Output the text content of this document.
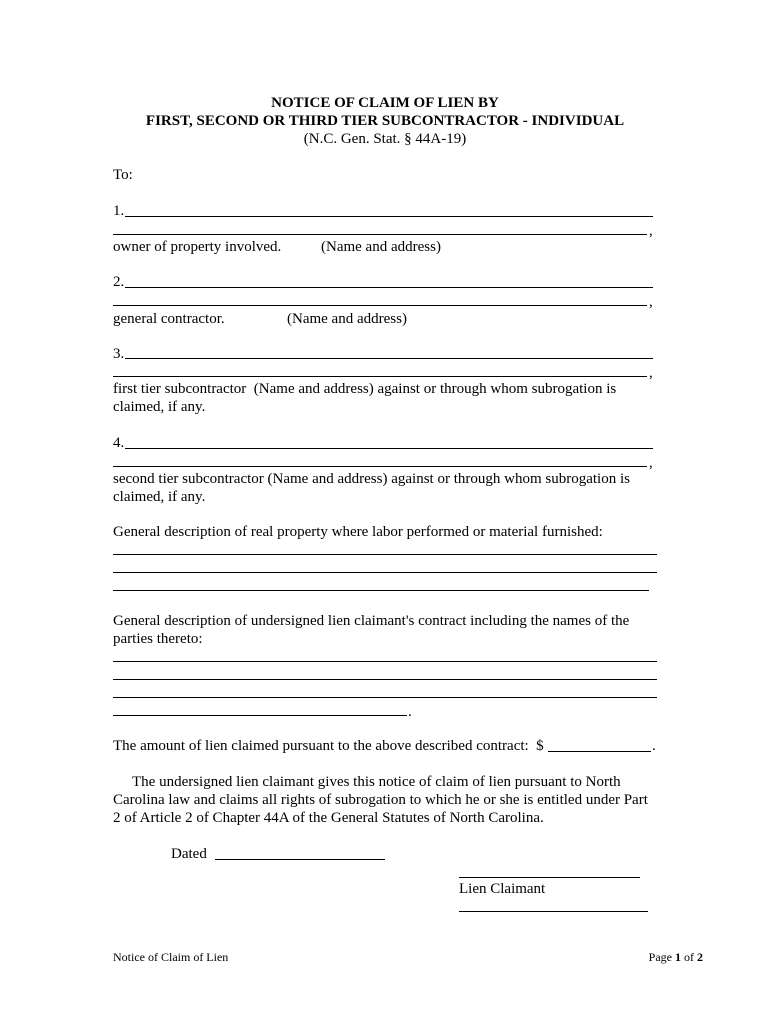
NOTICE OF CLAIM OF LIEN BY
FIRST, SECOND OR THIRD TIER SUBCONTRACTOR - INDIVIDUAL
(N.C. Gen. Stat. § 44A-19)
To:
1.
,
owner of property involved.	(Name and address)
2.
,
general contractor.	(Name and address)
3.
,
first tier subcontractor  (Name and address) against or through whom subrogation is
claimed, if any.
4.
,
second tier subcontractor (Name and address) against or through whom subrogation is
claimed, if any.
General description of real property where labor performed or material furnished:
General description of undersigned lien claimant's contract including the names of the
parties thereto:
.
The amount of lien claimed pursuant to the above described contract:  $	.
The undersigned lien claimant gives this notice of claim of lien pursuant to North
Carolina law and claims all rights of subrogation to which he or she is entitled under Part
2 of Article 2 of Chapter 44A of the General Statutes of North Carolina.
Dated
Lien Claimant
Notice of Claim of Lien	Page 1 of 2
